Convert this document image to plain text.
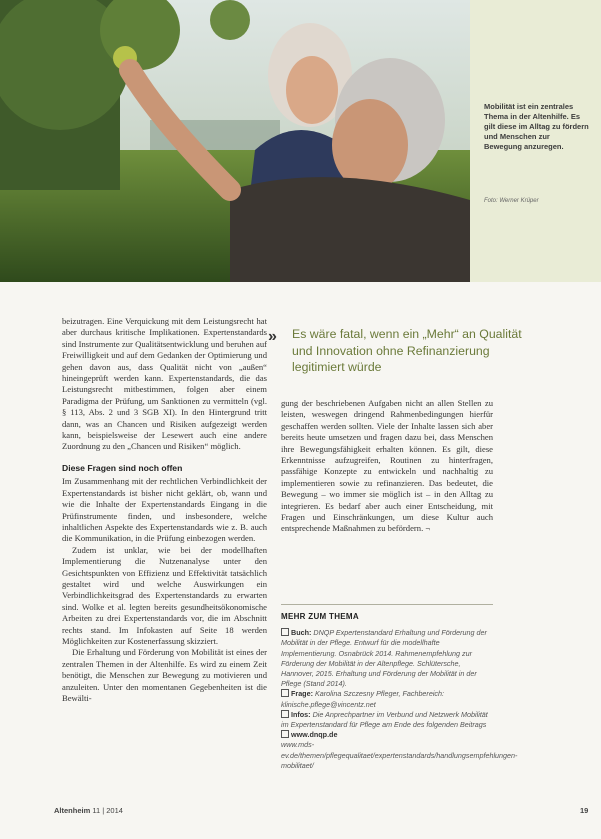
Mobilität ist ein zentrales Thema in der Altenhilfe. Es gilt diese im Alltag zu fördern und Menschen zur Bewegung anzuregen.
Foto: Werner Krüper

beizutragen. Eine Verquickung mit dem Leistungsrecht hat aber durchaus kritische Implikationen. Expertenstandards sind Instrumente zur Qualitätsentwicklung und beruhen auf Freiwilligkeit und auf dem Gedanken der Optimierung und gehen davon aus, dass Qualität nicht von „außen“ hineingeprüft werden kann. Expertenstandards, die das Leistungsrecht mitbestimmen, folgen aber einem Paradigma der Prüfung, um Sanktionen zu vermitteln (vgl. § 113, Abs. 2 und 3 SGB XI). In den Hintergrund tritt dann, was an Chancen und Risiken aufgezeigt werden kann, beispielsweise der Lesewert auch eine andere Zuordnung zu den „Chancen und Risiken“ möglich.

Diese Fragen sind noch offen

Im Zusammenhang mit der rechtlichen Verbindlichkeit der Expertenstandards ist bisher nicht geklärt, ob, wann und wie die Inhalte der Expertenstandards Eingang in die Prüfinstrumente finden, und insbesondere, welche inhaltlichen Aspekte des Expertenstandards wie z. B. auch die Kommunikation, in die Prüfung einbezogen werden.

Zudem ist unklar, wie bei der modellhaften Implementierung die Nutzenanalyse unter den Gesichtspunkten von Effizienz und Effektivität tatsächlich gestaltet wird und welche Auswirkungen ein Verbindlichkeitsgrad des Expertenstandards zu erwarten sind. Wolke et al. legten bereits gesundheitsökonomische Arbeiten zu drei Expertenstandards vor, die im Abschnitt rechts stand. Im Infokasten auf Seite 18 werden Möglichkeiten zur Kostenerfassung skizziert.

Die Erhaltung und Förderung von Mobilität ist eines der zentralen Themen in der Altenhilfe. Es wird zu einem Zeit benötigt, die Menschen zur Bewegung zu motivieren und anzuleiten. Unter den momentanen Gegebenheiten ist die Bewälti-

» Es wäre fatal, wenn ein „Mehr“ an Qualität und Innovation ohne Refinanzierung legitimiert würde

gung der beschriebenen Aufgaben nicht an allen Stellen zu leisten, weswegen dringend Rahmenbedingungen hierfür geschaffen werden sollten. Viele der Inhalte lassen sich aber bereits heute umsetzen und fragen dazu bei, dass Menschen ihre Bewegungsfähigkeit erhalten können. Es gilt, diese Erkenntnisse aufzugreifen, Routinen zu hinterfragen, passfähige Konzepte zu entwickeln und nachhaltig zu implementieren sowie zu refinanzieren. Das bedeutet, die Bewegung – wo immer sie möglich ist – in den Alltag zu integrieren. Es bedarf aber auch einer Entscheidung, mit Fragen und Einschränkungen, um diese Kultur auch entsprechende Maßnahmen zu befördern. ¬

MEHR ZUM THEMA
Buch: DNQP Expertenstandard Erhaltung und Förderung der Mobilität in der Pflege. Entwurf für die modellhafte Implementierung. Osnabrück 2014. Rahmenempfehlung zur Förderung der Mobilität in der Altenpflege. Schlütersche, Hannover, 2015. Erhaltung und Förderung der Mobilität in der Pflege (Stand 2014).
Frage: Karolina Szczesny Pfleger, Fachbereich: klinische.pflege@vincentz.net
Infos: Die Anprechpartner im Verbund und Netzwerk Mobilität im Expertenstandard für Pflege am Ende des folgenden Beitrags
www.dnqp.de
www.mds-ev.de/themen/pflegequalitaet/expertenstandards/handlungsempfehlungen-mobilitaet/
Altenheim 11 | 2014	19
